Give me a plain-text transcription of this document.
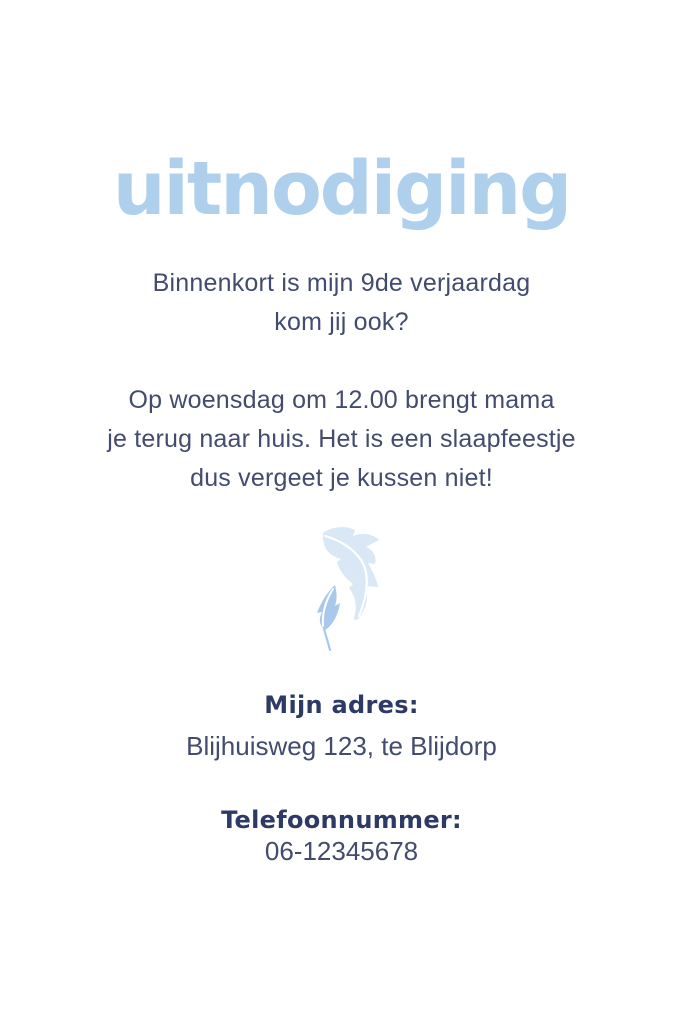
uitnodiging
Binnenkort is mijn 9de verjaardag
kom jij ook?
Op woensdag om 12.00 brengt mama
je terug naar huis. Het is een slaapfeestje
dus vergeet je kussen niet!
Mijn adres:
Blijhuisweg 123, te Blijdorp
Telefoonnummer:
06-12345678
